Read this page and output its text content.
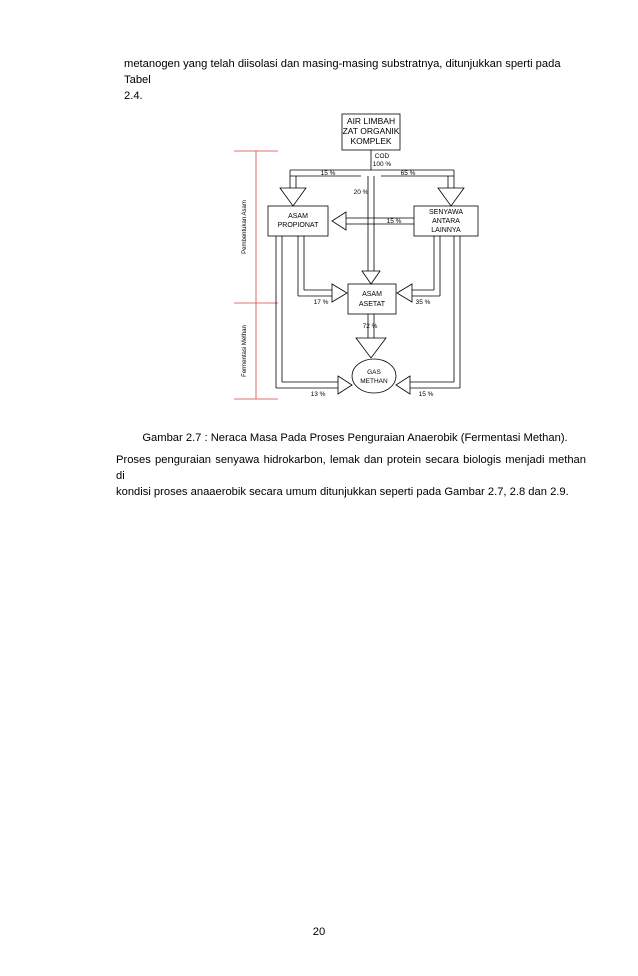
metanogen yang telah diisolasi dan masing-masing substratnya, ditunjukkan sperti pada Tabel
2.4.

AIR LIMBAH
ZAT ORGANIK
KOMPLEK
COD
100 %
15 %	65 %
20 %
15 %
ASAM
PROPIONAT
SENYAWA
ANTARA
LAINNYA
ASAM
ASETAT
17 %	35 %
72 %
GAS
METHAN
13 %	15 %
Pembentukan Asam
Fermentasi Methan
Gambar 2.7 : Neraca Masa Pada Proses Penguraian Anaerobik (Fermentasi Methan).

Proses penguraian senyawa hidrokarbon, lemak dan protein secara biologis menjadi methan di
kondisi proses anaaerobik secara umum ditunjukkan seperti pada Gambar 2.7, 2.8 dan 2.9.

20
